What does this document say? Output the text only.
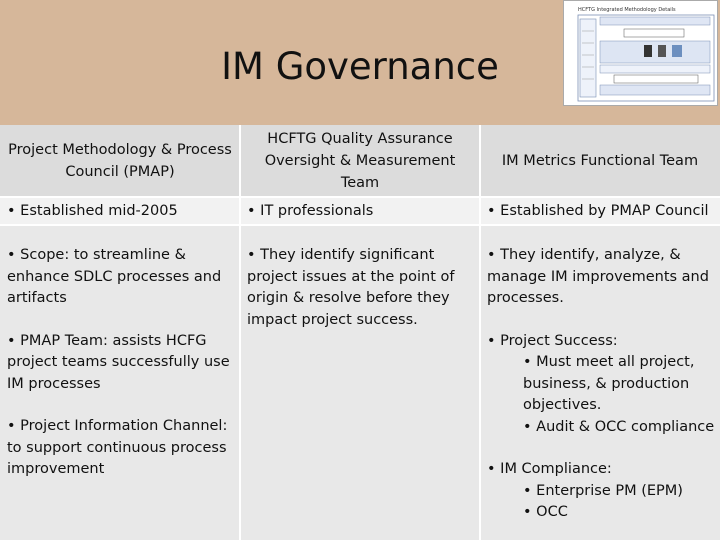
IM Governance
HCFTG Integrated Methodology Details
Project Methodology & Process Council (PMAP)
HCFTG Quality Assurance Oversight & Measurement Team
IM Metrics Functional Team
• Established mid-2005	• IT professionals	• Established by PMAP Council

• Scope: to streamline & enhance SDLC processes and artifacts

• PMAP Team: assists HCFG project teams successfully use IM processes

• Project Information Channel: to support continuous process improvement

• They identify significant project issues at the point of origin & resolve before they impact project success.

• They identify, analyze, & manage IM improvements and processes.

• Project Success:

• Must meet all project, business, & production objectives.

• Audit & OCC compliance

• IM Compliance:

• Enterprise PM (EPM)

• OCC
